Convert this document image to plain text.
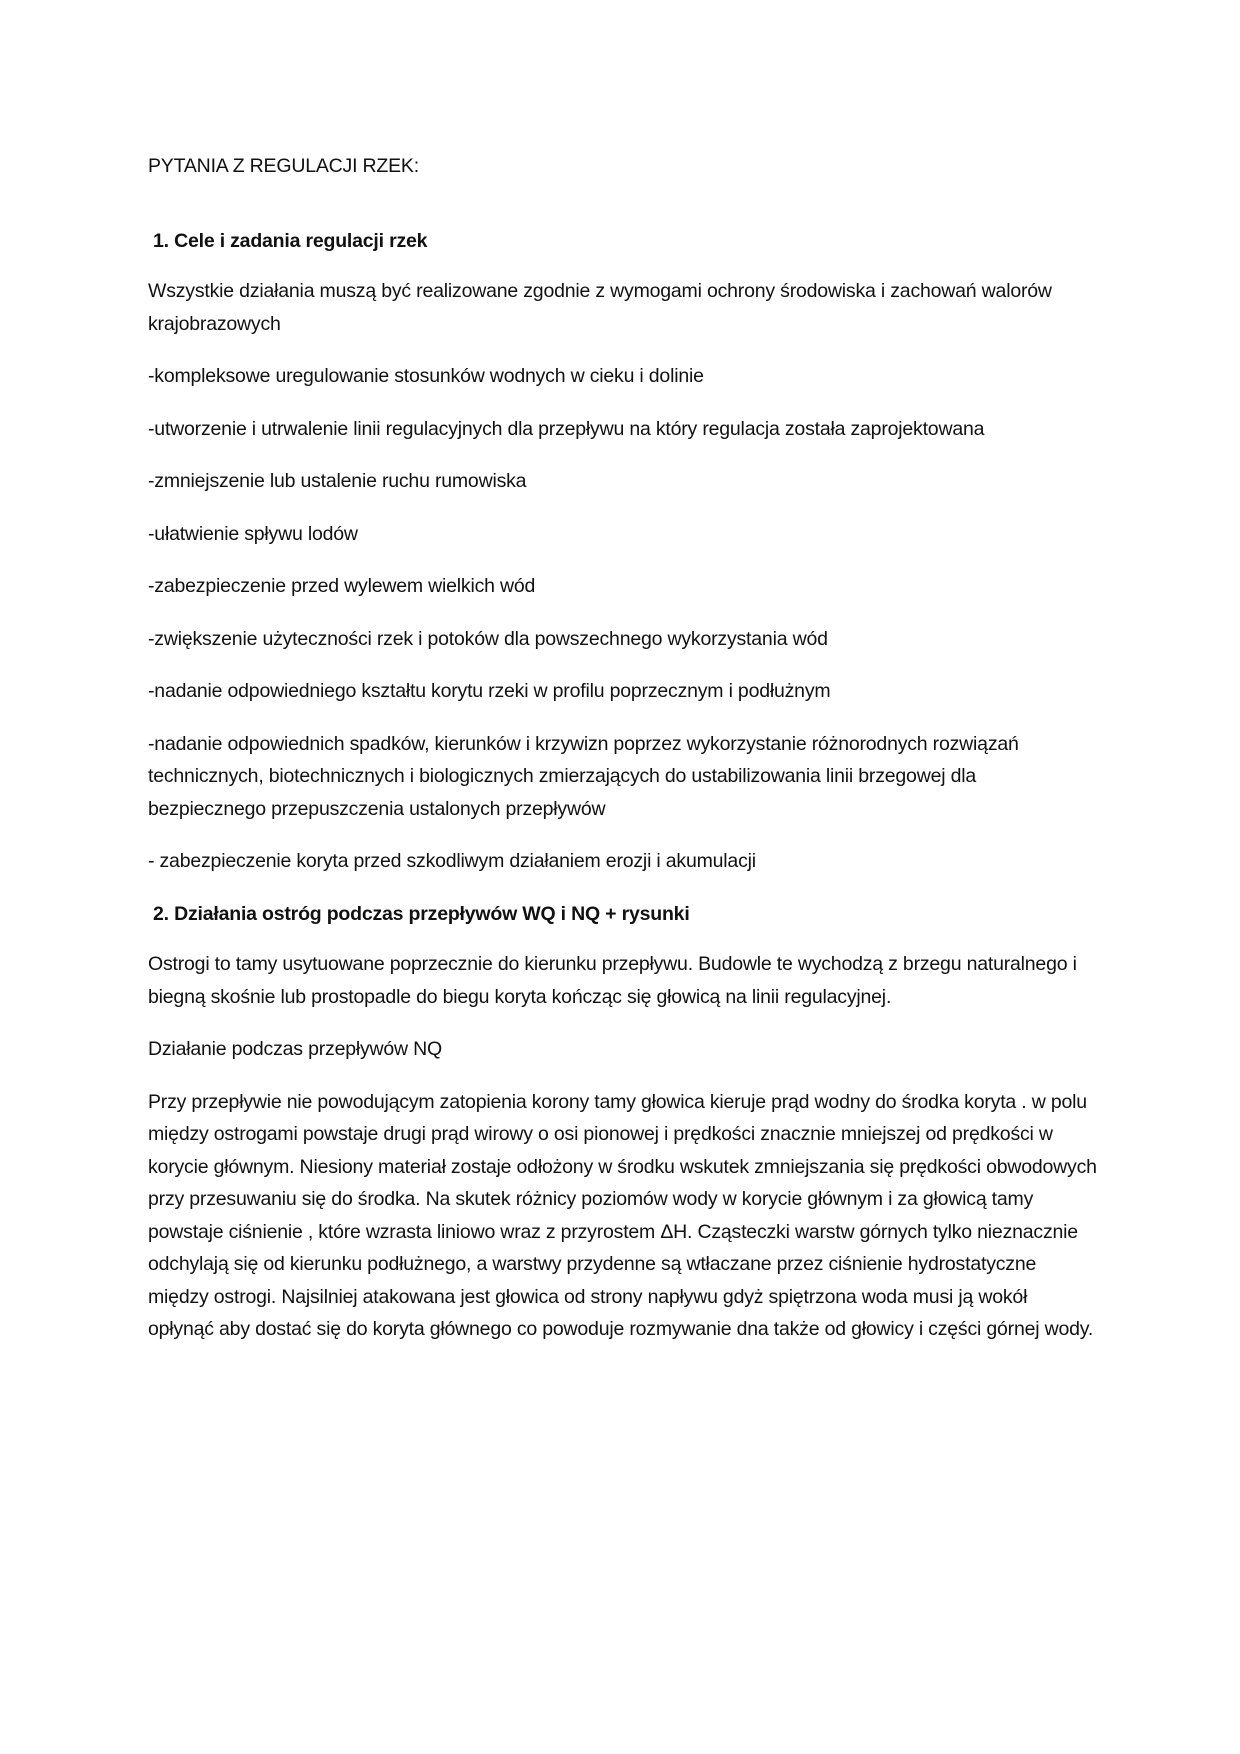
PYTANIA Z REGULACJI RZEK:
1. Cele i zadania regulacji rzek
Wszystkie działania muszą być realizowane zgodnie z wymogami ochrony środowiska i zachowań walorów krajobrazowych
-kompleksowe uregulowanie stosunków wodnych w cieku i dolinie
-utworzenie i utrwalenie linii regulacyjnych dla przepływu na który regulacja została zaprojektowana
-zmniejszenie lub ustalenie ruchu rumowiska
-ułatwienie spływu lodów
-zabezpieczenie przed wylewem wielkich wód
-zwiększenie użyteczności rzek i potoków dla powszechnego wykorzystania wód
-nadanie odpowiedniego kształtu korytu rzeki w profilu poprzecznym i podłużnym
-nadanie odpowiednich spadków, kierunków i krzywizn poprzez wykorzystanie różnorodnych rozwiązań technicznych, biotechnicznych i biologicznych zmierzających do ustabilizowania linii brzegowej dla bezpiecznego przepuszczenia ustalonych przepływów
- zabezpieczenie koryta przed szkodliwym działaniem erozji i akumulacji
2. Działania ostróg podczas przepływów WQ i NQ + rysunki
Ostrogi to tamy usytuowane poprzecznie do kierunku przepływu. Budowle te wychodzą z brzegu naturalnego i biegną skośnie lub prostopadle do biegu koryta kończąc się głowicą na linii regulacyjnej.
Działanie podczas przepływów NQ
Przy przepływie nie powodującym zatopienia korony tamy głowica kieruje prąd wodny do środka koryta . w polu między ostrogami powstaje drugi prąd wirowy o osi pionowej i prędkości znacznie mniejszej od prędkości w korycie głównym. Niesiony materiał zostaje odłożony w środku wskutek zmniejszania się prędkości obwodowych przy przesuwaniu się do środka. Na skutek różnicy poziomów wody w korycie głównym i za głowicą tamy powstaje ciśnienie , które wzrasta liniowo wraz z przyrostem ΔH. Cząsteczki warstw górnych tylko nieznacznie odchylają się od kierunku podłużnego, a warstwy przydenne są wtłaczane przez ciśnienie hydrostatyczne między ostrogi. Najsilniej atakowana jest głowica od strony napływu gdyż spiętrzona woda musi ją wokół opłynąć aby dostać się do koryta głównego co powoduje rozmywanie dna także od głowicy i części górnej wody.
